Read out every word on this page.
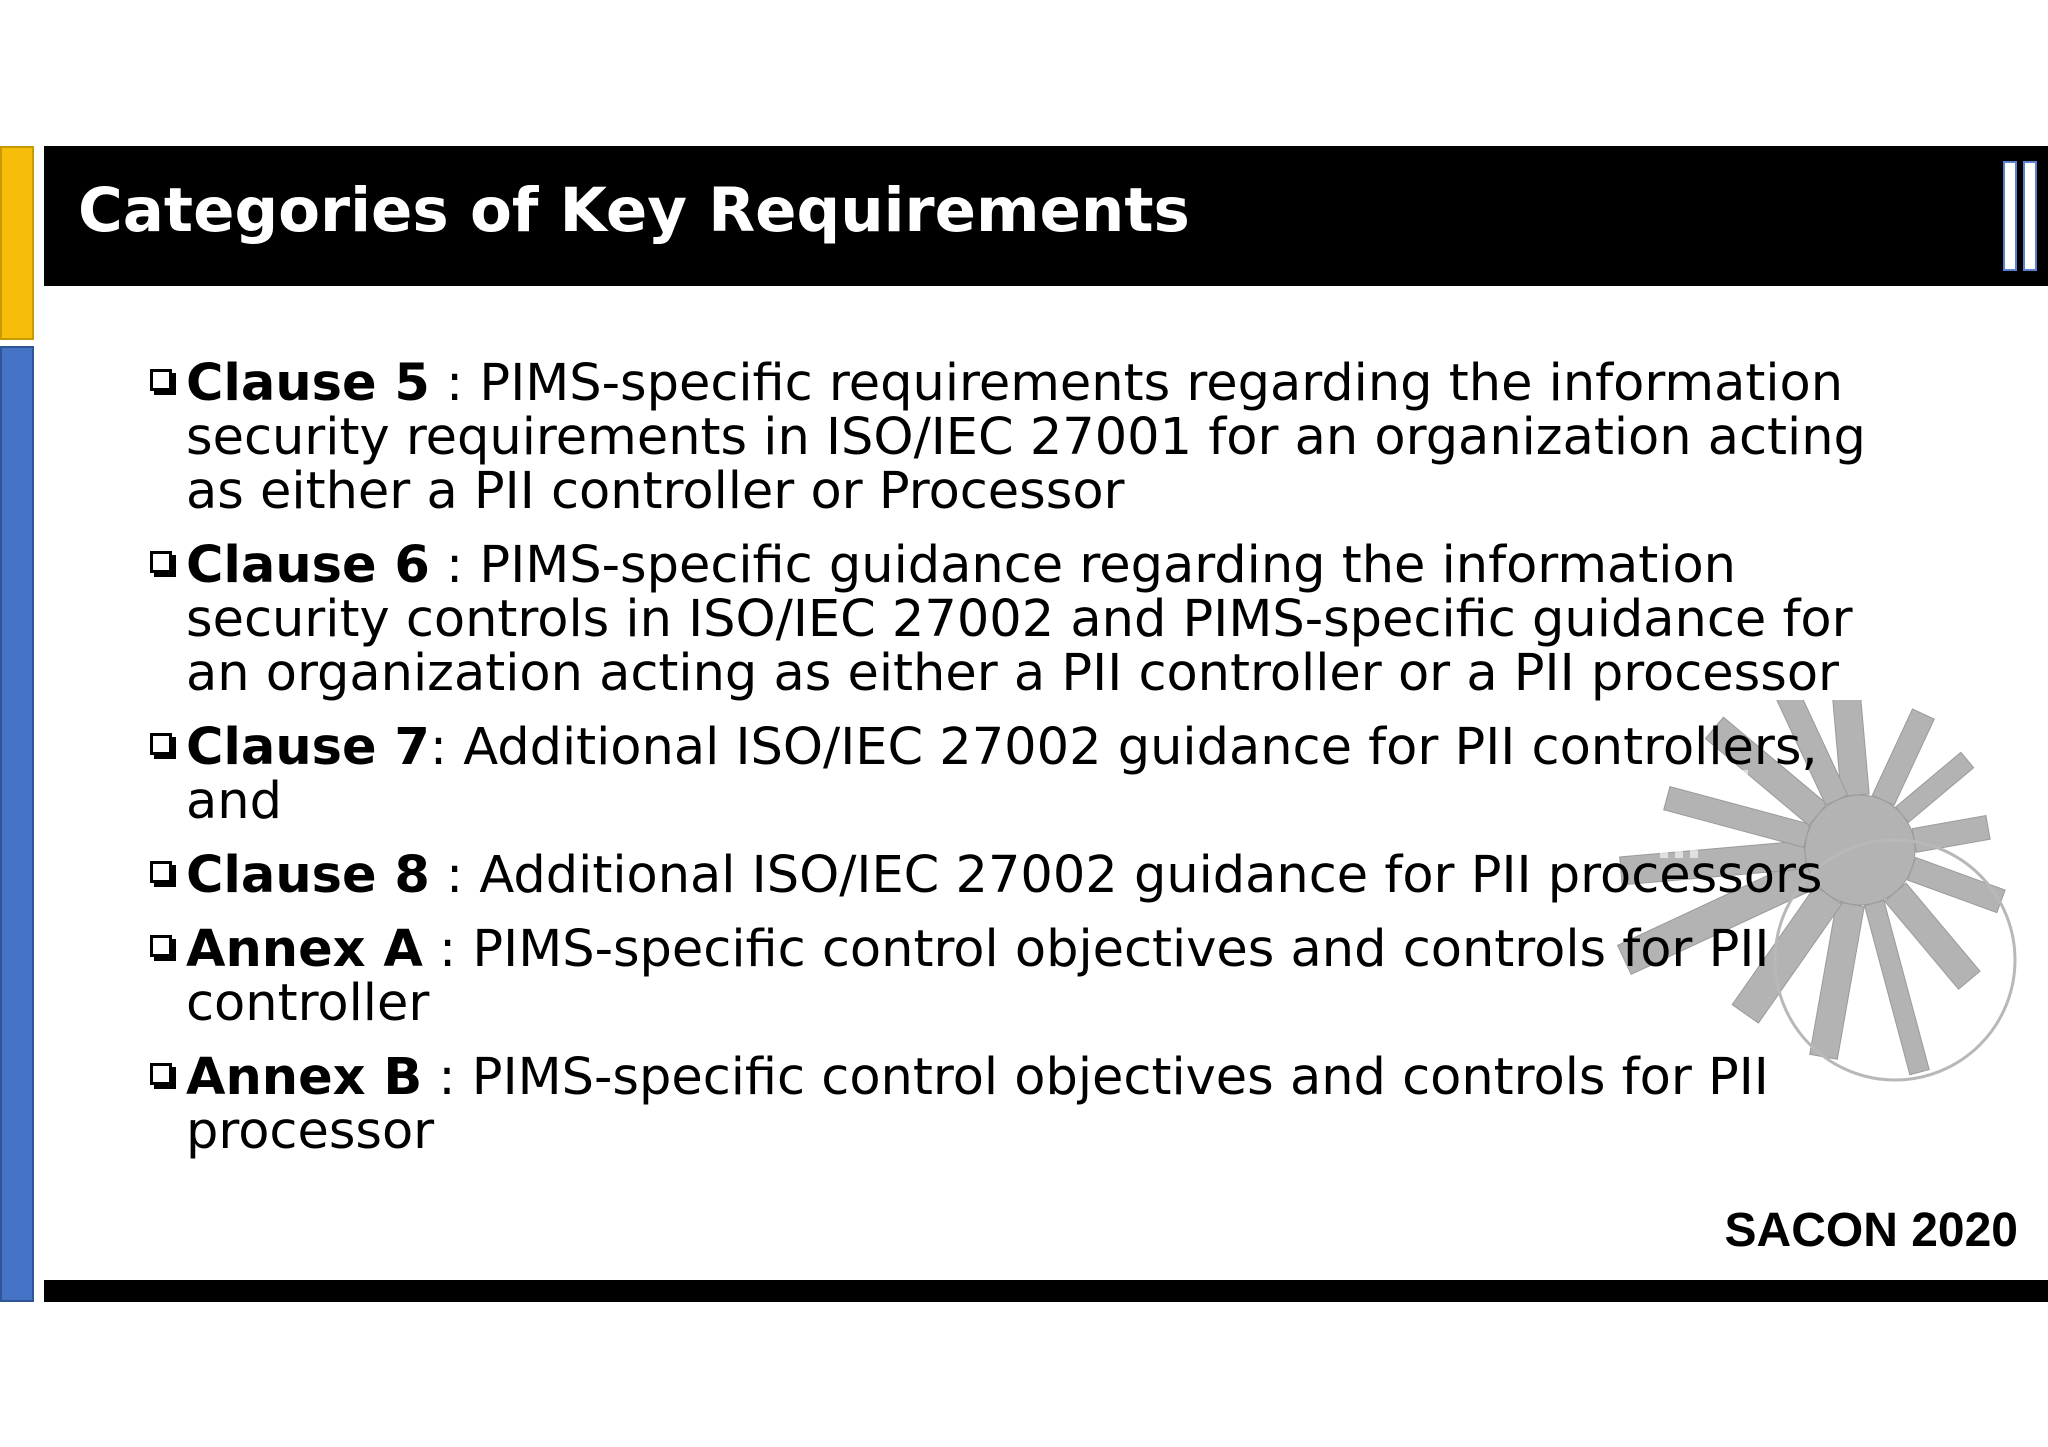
Categories of Key Requirements
Clause 5 : PIMS-specific requirements regarding the information
security requirements in ISO/IEC 27001 for an organization acting
as either a PII controller or Processor
Clause 6 : PIMS-specific guidance regarding the information
security controls in ISO/IEC 27002 and PIMS-specific guidance for
an organization acting as either a PII controller or a PII processor
Clause 7: Additional ISO/IEC 27002 guidance for PII controllers,
and
Clause 8 : Additional ISO/IEC 27002 guidance for PII processors
Annex A : PIMS-specific control objectives and controls for PII
controller
Annex B : PIMS-specific control objectives and controls for PII
processor
SACON 2020
